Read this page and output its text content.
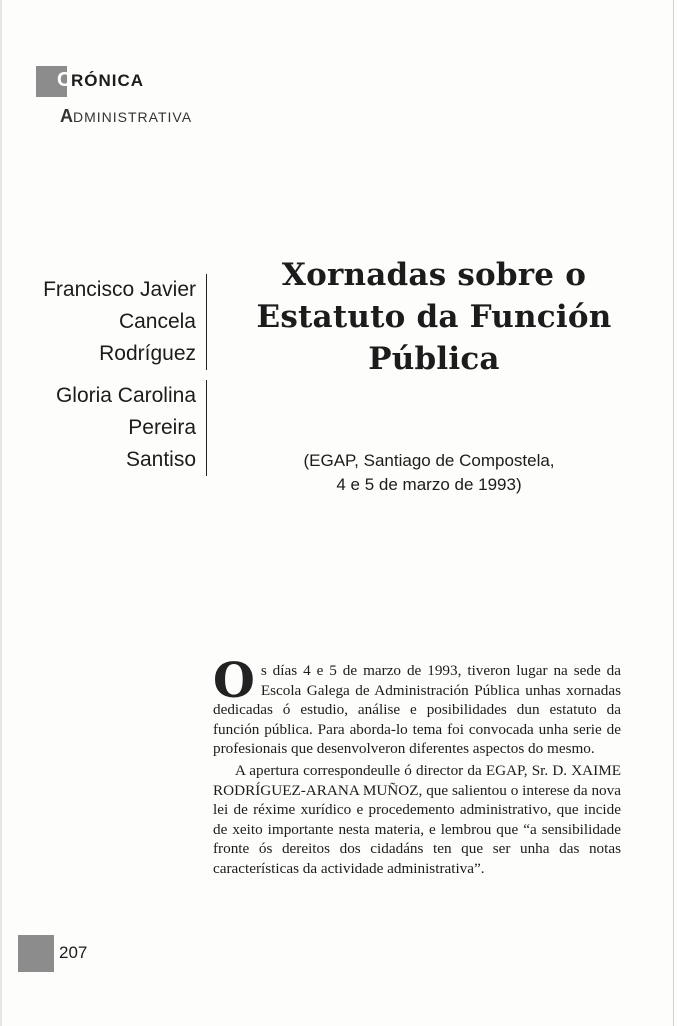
C RÓNICA
ADMINISTRATIVA
Francisco Javier
Cancela
Rodríguez
Gloria Carolina
Pereira
Santiso
Xornadas sobre o
Estatuto da Función
Pública
(EGAP, Santiago de Compostela,
4 e 5 de marzo de 1993)

Os días 4 e 5 de marzo de 1993, tiveron lugar na sede da Escola Galega de Administración Pública unhas xornadas dedicadas ó estudio, análise e posibilidades dun estatuto da función pública. Para aborda-lo tema foi convocada unha serie de profesionais que desenvolveron diferentes aspectos do mesmo.

A apertura correspondeulle ó director da EGAP, Sr. D. XAIME RODRÍGUEZ-ARANA MUÑOZ, que salientou o interese da nova lei de réxime xurídico e procedemento administrativo, que incide de xeito importante nesta materia, e lembrou que “a sensibilidade fronte ós dereitos dos cidadáns ten que ser unha das notas características da actividade administrativa”.

207
